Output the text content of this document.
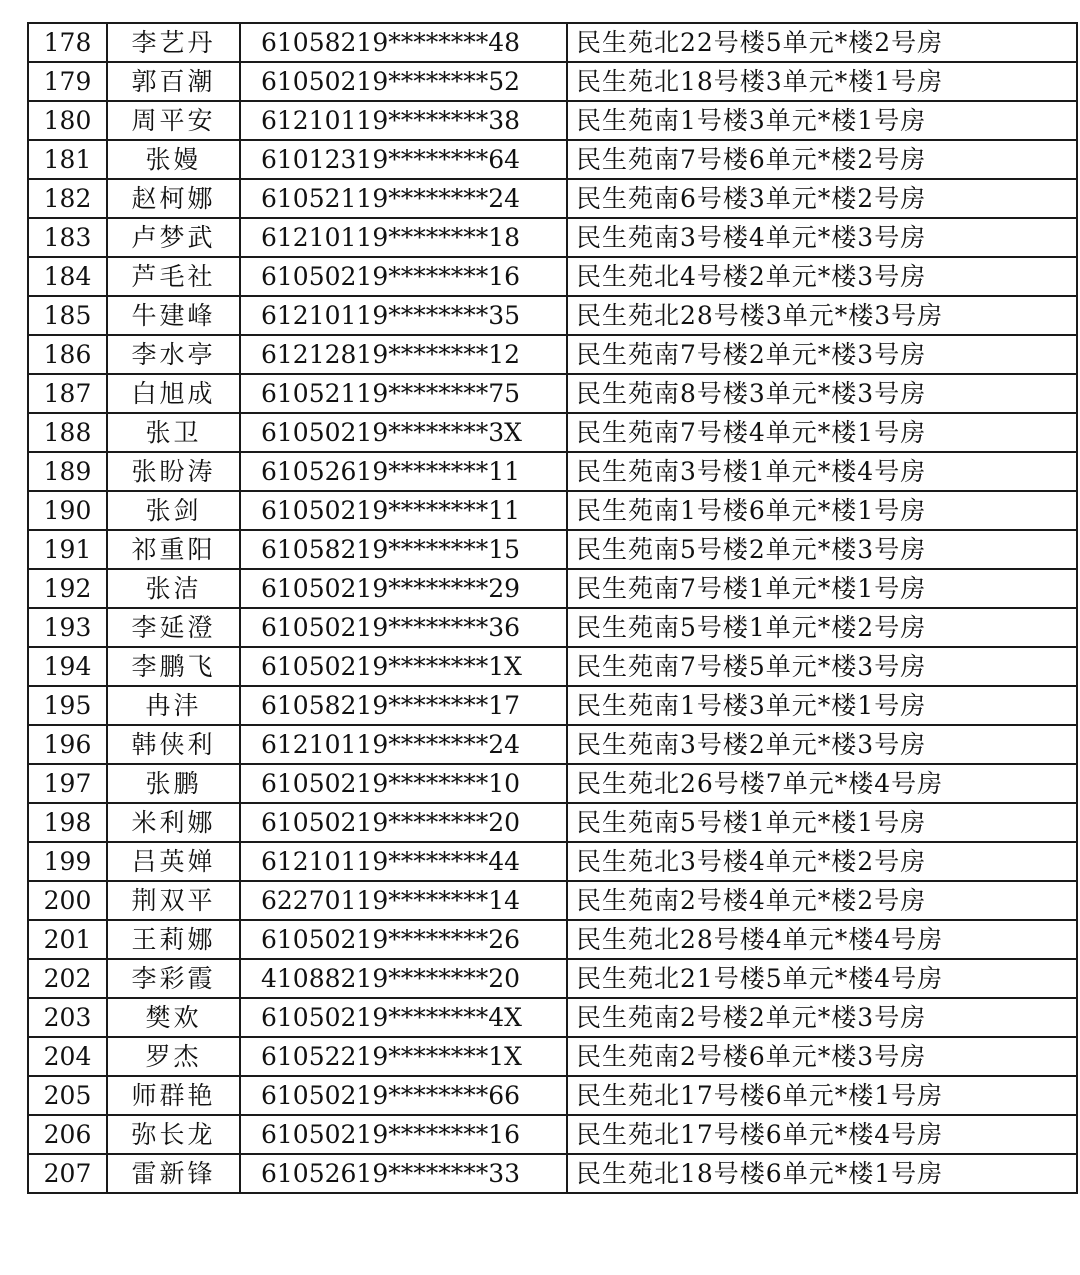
178	李艺丹	61058219********48	民生苑北22号楼5单元*楼2号房
179	郭百潮	61050219********52	民生苑北18号楼3单元*楼1号房
180	周平安	61210119********38	民生苑南1号楼3单元*楼1号房
181	张嫚	61012319********64	民生苑南7号楼6单元*楼2号房
182	赵柯娜	61052119********24	民生苑南6号楼3单元*楼2号房
183	卢梦武	61210119********18	民生苑南3号楼4单元*楼3号房
184	芦毛社	61050219********16	民生苑北4号楼2单元*楼3号房
185	牛建峰	61210119********35	民生苑北28号楼3单元*楼3号房
186	李水亭	61212819********12	民生苑南7号楼2单元*楼3号房
187	白旭成	61052119********75	民生苑南8号楼3单元*楼3号房
188	张卫	61050219********3X	民生苑南7号楼4单元*楼1号房
189	张盼涛	61052619********11	民生苑南3号楼1单元*楼4号房
190	张剑	61050219********11	民生苑南1号楼6单元*楼1号房
191	祁重阳	61058219********15	民生苑南5号楼2单元*楼3号房
192	张洁	61050219********29	民生苑南7号楼1单元*楼1号房
193	李延澄	61050219********36	民生苑南5号楼1单元*楼2号房
194	李鹏飞	61050219********1X	民生苑南7号楼5单元*楼3号房
195	冉沣	61058219********17	民生苑南1号楼3单元*楼1号房
196	韩侠利	61210119********24	民生苑南3号楼2单元*楼3号房
197	张鹏	61050219********10	民生苑北26号楼7单元*楼4号房
198	米利娜	61050219********20	民生苑南5号楼1单元*楼1号房
199	吕英婵	61210119********44	民生苑北3号楼4单元*楼2号房
200	荆双平	62270119********14	民生苑南2号楼4单元*楼2号房
201	王莉娜	61050219********26	民生苑北28号楼4单元*楼4号房
202	李彩霞	41088219********20	民生苑北21号楼5单元*楼4号房
203	樊欢	61050219********4X	民生苑南2号楼2单元*楼3号房
204	罗杰	61052219********1X	民生苑南2号楼6单元*楼3号房
205	师群艳	61050219********66	民生苑北17号楼6单元*楼1号房
206	弥长龙	61050219********16	民生苑北17号楼6单元*楼4号房
207	雷新锋	61052619********33	民生苑北18号楼6单元*楼1号房
